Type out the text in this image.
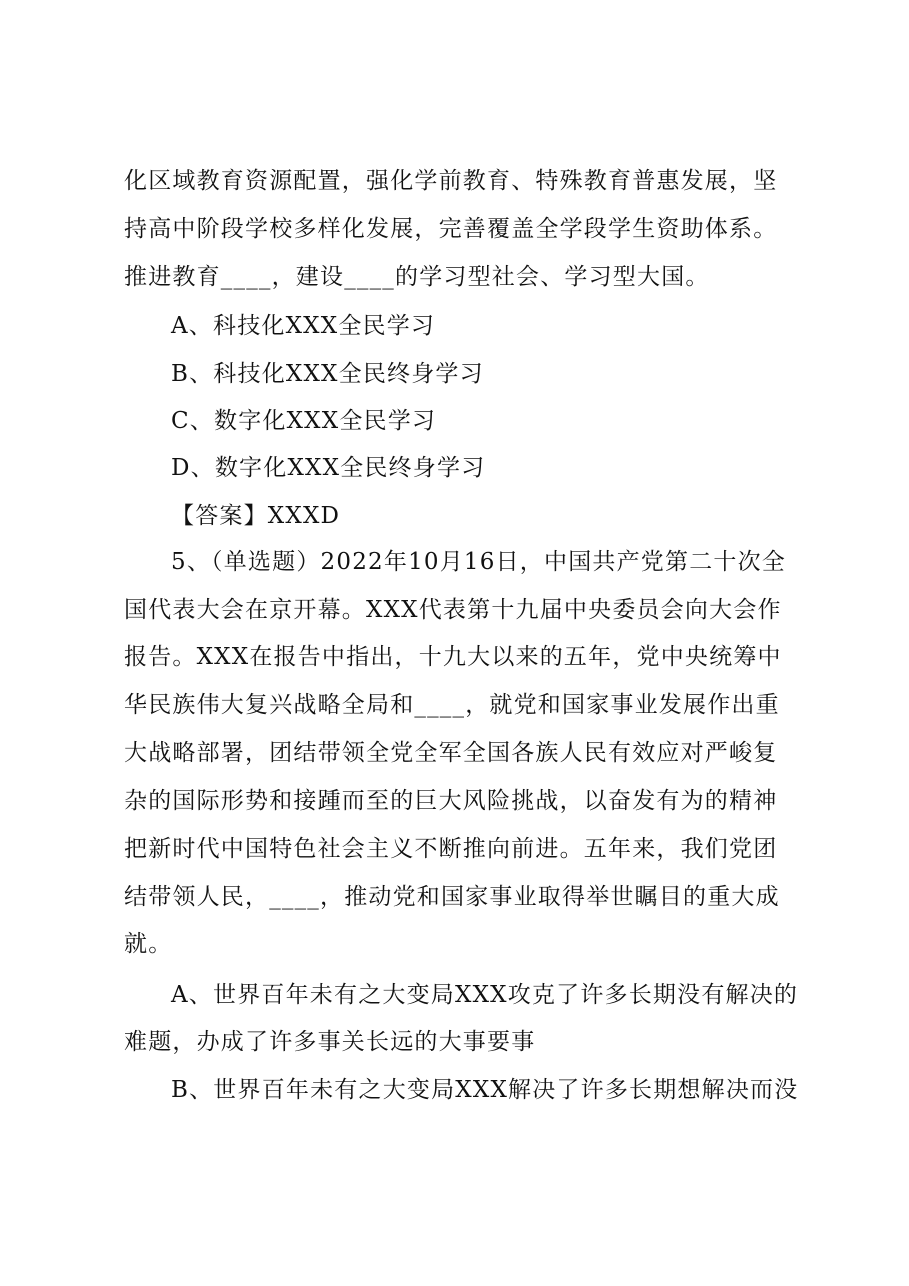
化区域教育资源配置，强化学前教育、特殊教育普惠发展，坚
持高中阶段学校多样化发展，完善覆盖全学段学生资助体系。
推进教育____，建设____的学习型社会、学习型大国。
A、科技化XXX全民学习
B、科技化XXX全民终身学习
C、数字化XXX全民学习
D、数字化XXX全民终身学习
【答案】XXXD
5、（单选题）2022年10月16日，中国共产党第二十次全
国代表大会在京开幕。XXX代表第十九届中央委员会向大会作
报告。XXX在报告中指出，十九大以来的五年，党中央统筹中
华民族伟大复兴战略全局和____，就党和国家事业发展作出重
大战略部署，团结带领全党全军全国各族人民有效应对严峻复
杂的国际形势和接踵而至的巨大风险挑战，以奋发有为的精神
把新时代中国特色社会主义不断推向前进。五年来，我们党团
结带领人民，____，推动党和国家事业取得举世瞩目的重大成
就。
A、世界百年未有之大变局XXX攻克了许多长期没有解决的
难题，办成了许多事关长远的大事要事
B、世界百年未有之大变局XXX解决了许多长期想解决而没
